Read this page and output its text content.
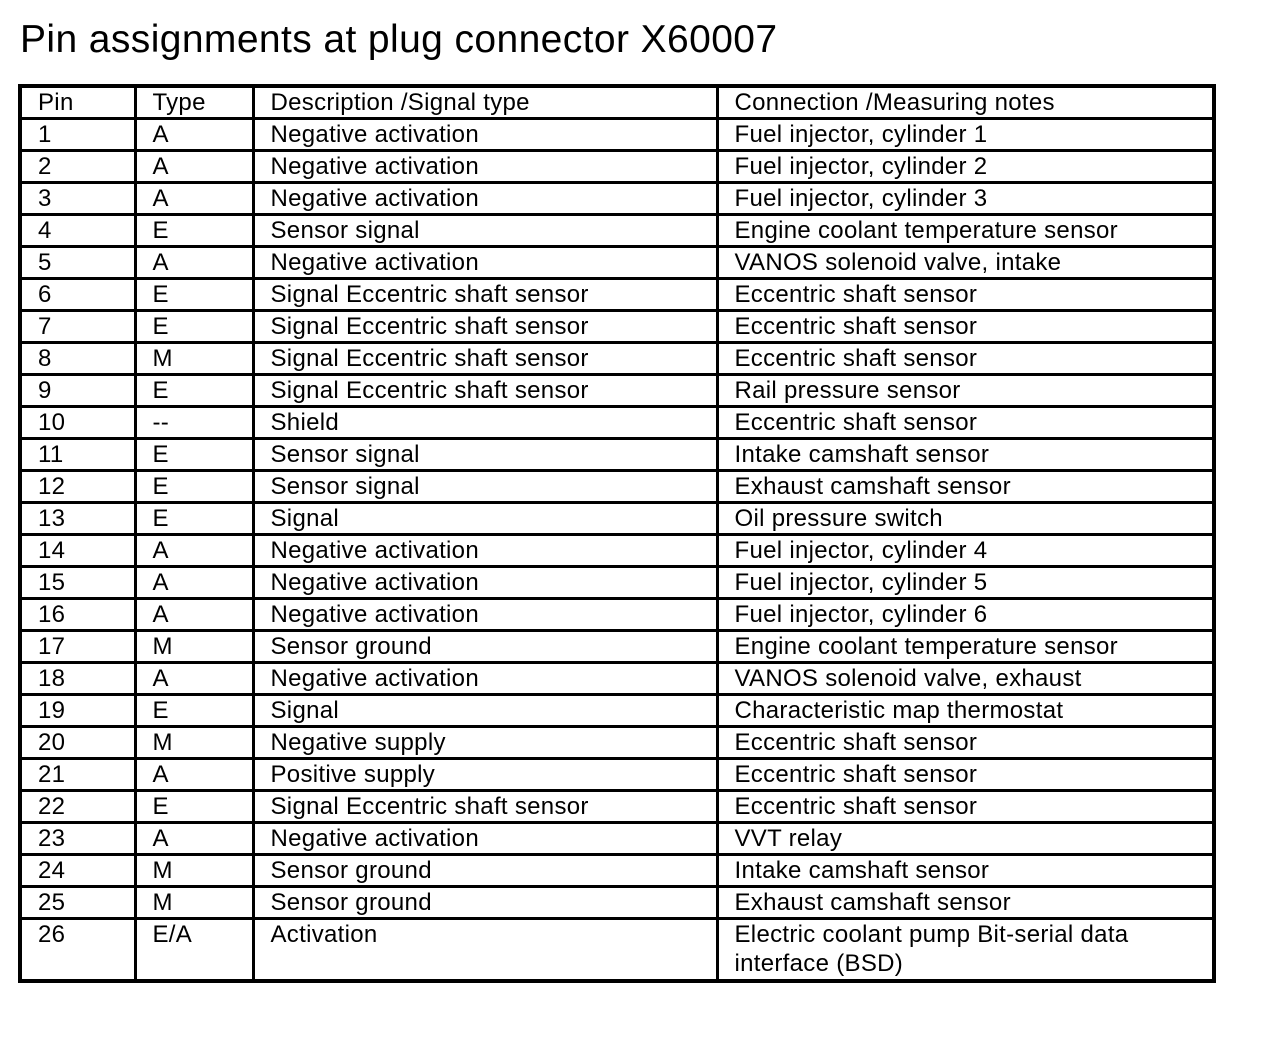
Pin assignments at plug connector X60007
Pin	Type	Description /Signal type	Connection /Measuring notes
1	A	Negative activation	Fuel injector, cylinder 1
2	A	Negative activation	Fuel injector, cylinder 2
3	A	Negative activation	Fuel injector, cylinder 3
4	E	Sensor signal	Engine coolant temperature sensor
5	A	Negative activation	VANOS solenoid valve, intake
6	E	Signal Eccentric shaft sensor	Eccentric shaft sensor
7	E	Signal Eccentric shaft sensor	Eccentric shaft sensor
8	M	Signal Eccentric shaft sensor	Eccentric shaft sensor
9	E	Signal Eccentric shaft sensor	Rail pressure sensor
10	--	Shield	Eccentric shaft sensor
11	E	Sensor signal	Intake camshaft sensor
12	E	Sensor signal	Exhaust camshaft sensor
13	E	Signal	Oil pressure switch
14	A	Negative activation	Fuel injector, cylinder 4
15	A	Negative activation	Fuel injector, cylinder 5
16	A	Negative activation	Fuel injector, cylinder 6
17	M	Sensor ground	Engine coolant temperature sensor
18	A	Negative activation	VANOS solenoid valve, exhaust
19	E	Signal	Characteristic map thermostat
20	M	Negative supply	Eccentric shaft sensor
21	A	Positive supply	Eccentric shaft sensor
22	E	Signal Eccentric shaft sensor	Eccentric shaft sensor
23	A	Negative activation	VVT relay
24	M	Sensor ground	Intake camshaft sensor
25	M	Sensor ground	Exhaust camshaft sensor
26	E/A	Activation	Electric coolant pump Bit-serial data interface (BSD)
